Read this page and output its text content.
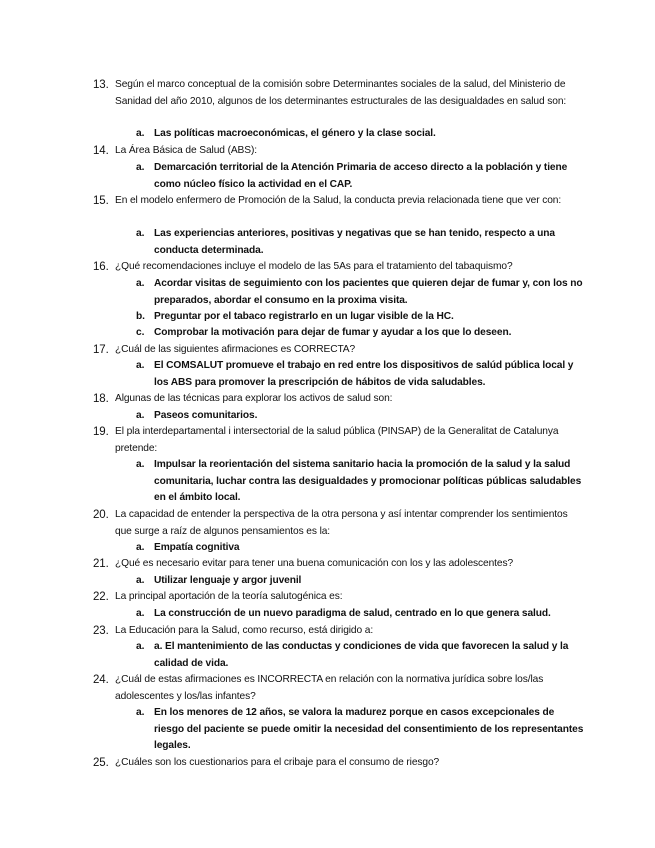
13. Según el marco conceptual de la comisión sobre Determinantes sociales de la salud, del Ministerio de Sanidad del año 2010, algunos de los determinantes estructurales de las desigualdades en salud son:
a. Las políticas macroeconómicas, el género y la clase social.
14. La Área Básica de Salud (ABS):
a. Demarcación territorial de la Atención Primaria de acceso directo a la población y tiene como núcleo físico la actividad en el CAP.
15. En el modelo enfermero de Promoción de la Salud, la conducta previa relacionada tiene que ver con:
a. Las experiencias anteriores, positivas y negativas que se han tenido, respecto a una conducta determinada.
16. ¿Qué recomendaciones incluye el modelo de las 5As para el tratamiento del tabaquismo?
a. Acordar visitas de seguimiento con los pacientes que quieren dejar de fumar y, con los no preparados, abordar el consumo en la proxima visita.
b. Preguntar por el tabaco registrarlo en un lugar visible de la HC.
c. Comprobar la motivación para dejar de fumar y ayudar a los que lo deseen.
17. ¿Cuál de las siguientes afirmaciones es CORRECTA?
a. El COMSALUT promueve el trabajo en red entre los dispositivos de salúd pública local y los ABS para promover la prescripción de hábitos de vida saludables.
18. Algunas de las técnicas para explorar los activos de salud son:
a. Paseos comunitarios.
19. El pla interdepartamental i intersectorial de la salud pública (PINSAP) de la Generalitat de Catalunya pretende:
a. Impulsar la reorientación del sistema sanitario hacia la promoción de la salud y la salud comunitaria, luchar contra las desigualdades y promocionar políticas públicas saludables en el ámbito local.
20. La capacidad de entender la perspectiva de la otra persona y así intentar comprender los sentimientos que surge a raíz de algunos pensamientos es la:
a. Empatía cognitiva
21. ¿Qué es necesario evitar para tener una buena comunicación con los y las adolescentes?
a. Utilizar lenguaje y argor juvenil
22. La principal aportación de la teoría salutogénica es:
a. La construcción de un nuevo paradigma de salud, centrado en lo que genera salud.
23. La Educación para la Salud, como recurso, está dirigido a:
a. a. El mantenimiento de las conductas y condiciones de vida que favorecen la salud y la calidad de vida.
24. ¿Cuál de estas afirmaciones es INCORRECTA en relación con la normativa jurídica sobre los/las adolescentes y los/las infantes?
a. En los menores de 12 años, se valora la madurez porque en casos excepcionales de riesgo del paciente se puede omitir la necesidad del consentimiento de los representantes legales.
25. ¿Cuáles son los cuestionarios para el cribaje para el consumo de riesgo?
